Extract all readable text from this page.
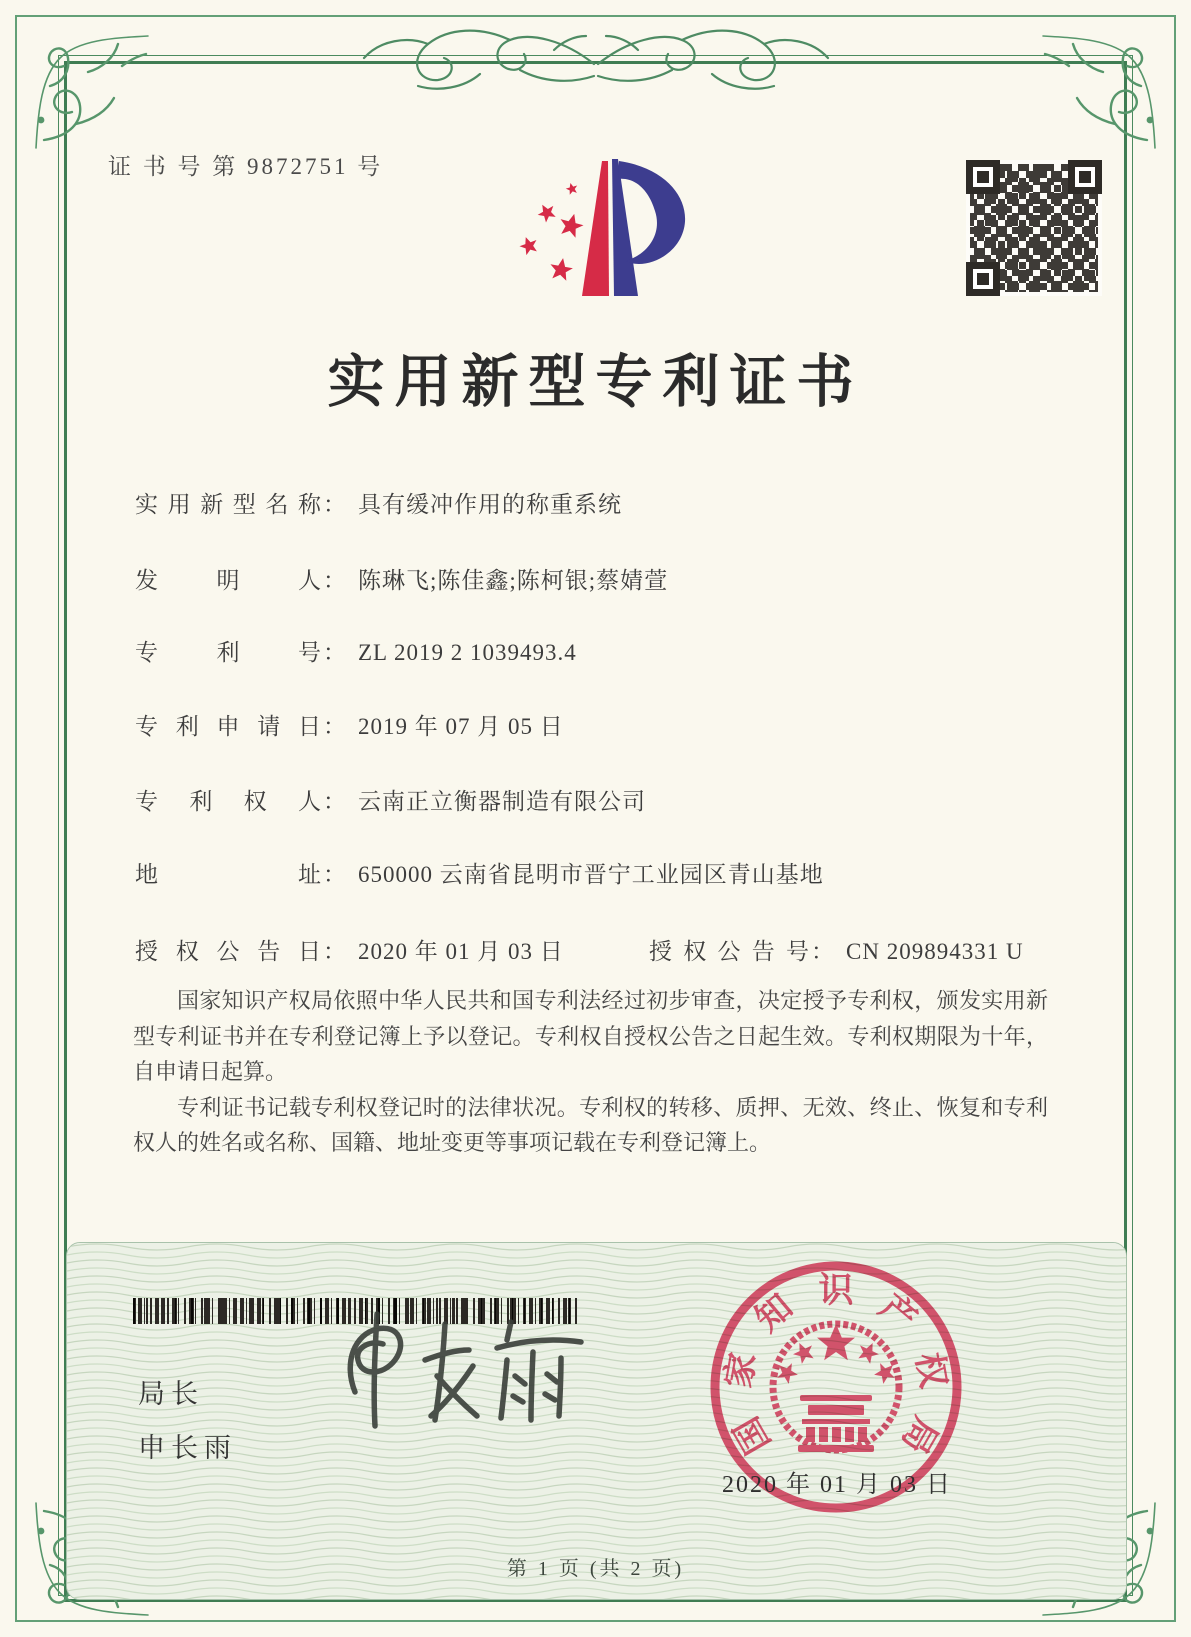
证 书 号 第 9872751 号
实用新型专利证书
实用新型名称 ： 具有缓冲作用的称重系统
发明人 ： 陈琳飞;陈佳鑫;陈柯银;蔡婧萱
专利号 ： ZL 2019 2 1039493.4
专利申请日 ： 2019 年 07 月 05 日
专利权人 ： 云南正立衡器制造有限公司
地址 ： 650000 云南省昆明市晋宁工业园区青山基地
授权公告日 ： 2020 年 01 月 03 日	授权公告号 ： CN 209894331 U

国家知识产权局依照中华人民共和国专利法经过初步审查，决定授予专利权，颁发实用新型专利证书并在专利登记簿上予以登记。专利权自授权公告之日起生效。专利权期限为十年，自申请日起算。

专利证书记载专利权登记时的法律状况。专利权的转移、质押、无效、终止、恢复和专利权人的姓名或名称、国籍、地址变更等事项记载在专利登记簿上。

局长
申长雨	国
家
知 识 产
权
局
2020 年 01 月 03 日
第 1 页 (共 2 页)
